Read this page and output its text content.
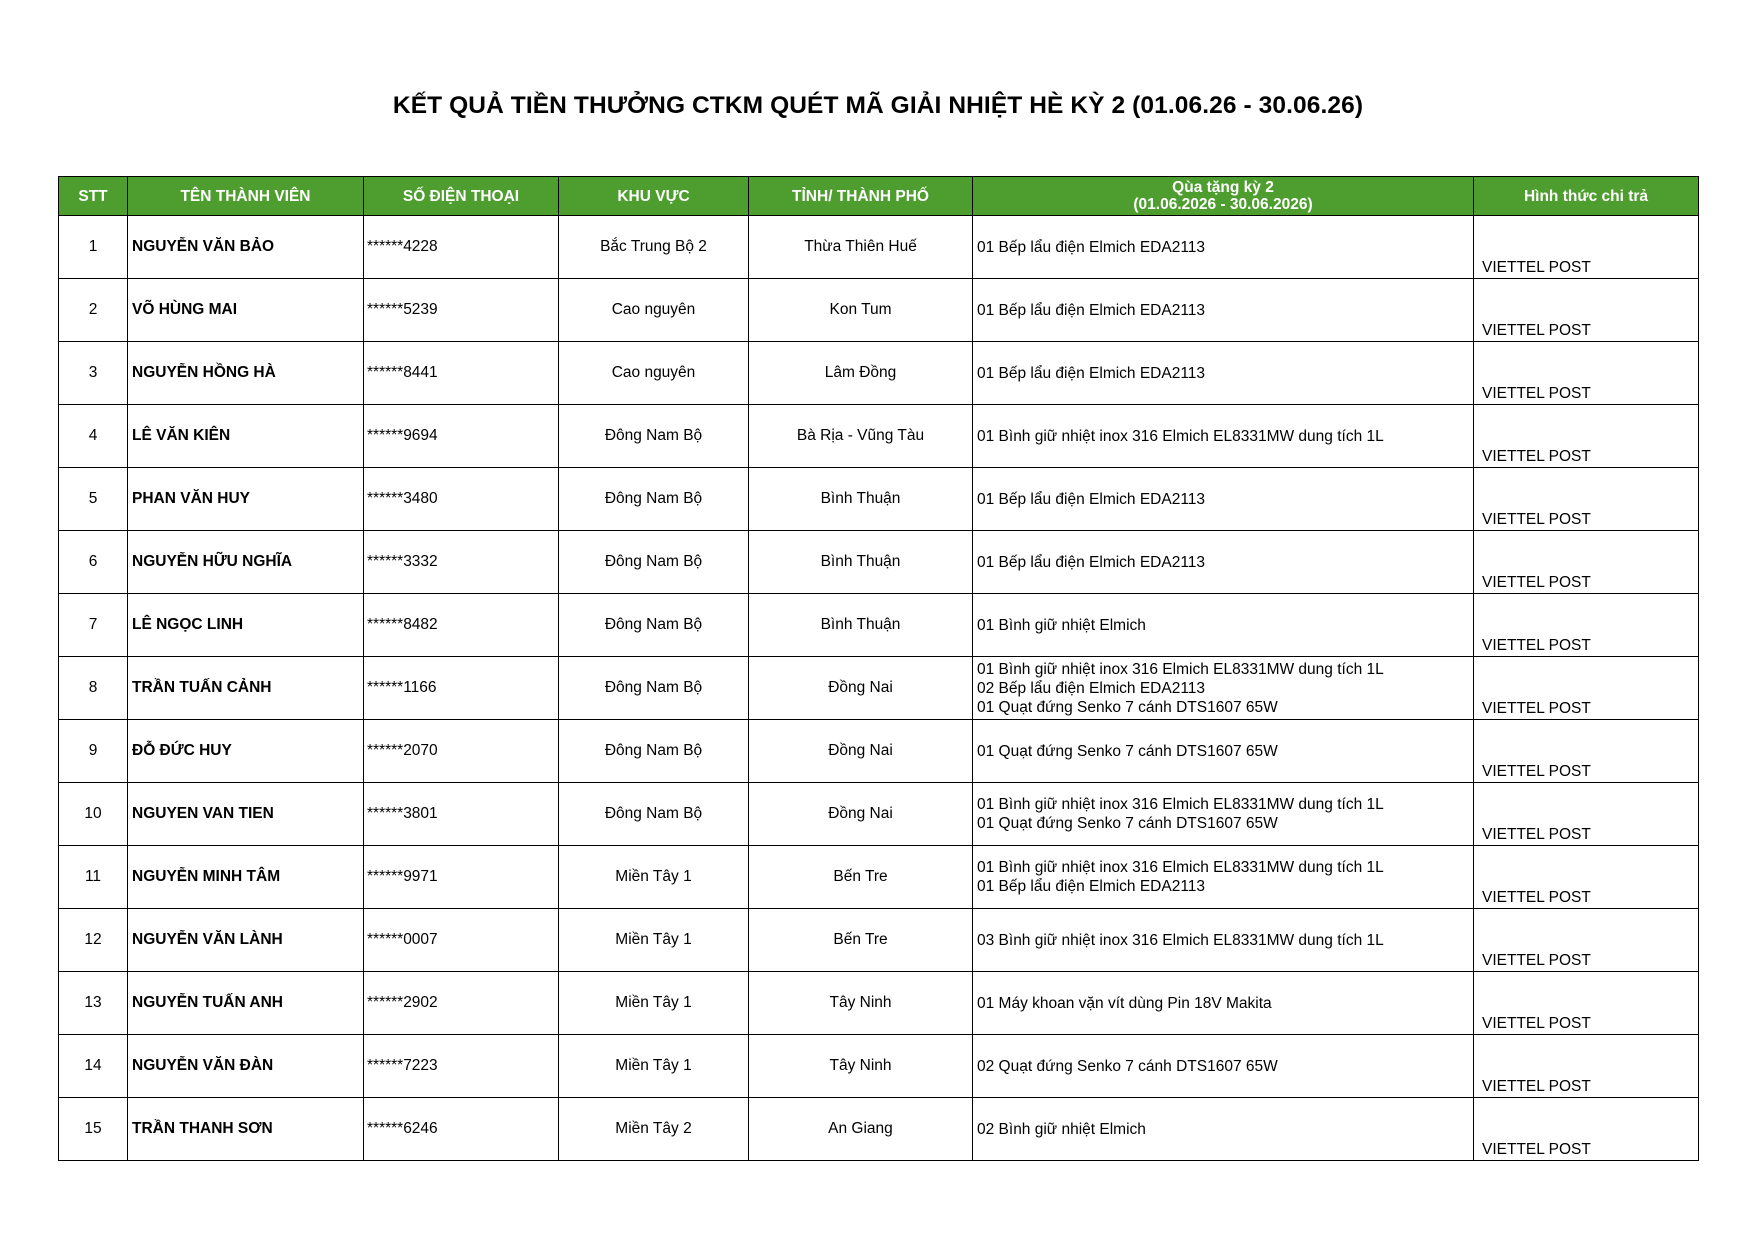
KẾT QUẢ TIỀN THƯỞNG CTKM QUÉT MÃ GIẢI NHIỆT HÈ KỲ 2 (01.06.26 - 30.06.26)
STT	TÊN THÀNH VIÊN	SỐ ĐIỆN THOẠI	KHU VỰC	TỈNH/ THÀNH PHỐ	Qùa tặng kỳ 2
(01.06.2026 - 30.06.2026)	Hình thức chi trả
1	NGUYỄN VĂN BẢO	******4228	Bắc Trung Bộ 2	Thừa Thiên Huế	01 Bếp lẩu điện Elmich EDA2113	VIETTEL POST
2	VÕ HÙNG MAI	******5239	Cao nguyên	Kon Tum	01 Bếp lẩu điện Elmich EDA2113	VIETTEL POST
3	NGUYỄN HỒNG HÀ	******8441	Cao nguyên	Lâm Đồng	01 Bếp lẩu điện Elmich EDA2113	VIETTEL POST
4	LÊ VĂN KIÊN	******9694	Đông Nam Bộ	Bà Rịa - Vũng Tàu	01 Bình giữ nhiệt inox 316 Elmich EL8331MW dung tích 1L	VIETTEL POST
5	PHAN VĂN HUY	******3480	Đông Nam Bộ	Bình Thuận	01 Bếp lẩu điện Elmich EDA2113	VIETTEL POST
6	NGUYỄN HỮU NGHĨA	******3332	Đông Nam Bộ	Bình Thuận	01 Bếp lẩu điện Elmich EDA2113	VIETTEL POST
7	LÊ NGỌC LINH	******8482	Đông Nam Bộ	Bình Thuận	01 Bình giữ nhiệt Elmich	VIETTEL POST
8	TRẦN TUẤN CẢNH	******1166	Đông Nam Bộ	Đồng Nai	01 Bình giữ nhiệt inox 316 Elmich EL8331MW dung tích 1L
02 Bếp lẩu điện Elmich EDA2113
01 Quạt đứng Senko 7 cánh DTS1607 65W	VIETTEL POST
9	ĐỖ ĐỨC HUY	******2070	Đông Nam Bộ	Đồng Nai	01 Quạt đứng Senko 7 cánh DTS1607 65W	VIETTEL POST
10	NGUYEN VAN TIEN	******3801	Đông Nam Bộ	Đồng Nai	01 Bình giữ nhiệt inox 316 Elmich EL8331MW dung tích 1L
01 Quạt đứng Senko 7 cánh DTS1607 65W	VIETTEL POST
11	NGUYỄN MINH TÂM	******9971	Miền Tây 1	Bến Tre	01 Bình giữ nhiệt inox 316 Elmich EL8331MW dung tích 1L
01 Bếp lẩu điện Elmich EDA2113	VIETTEL POST
12	NGUYỄN VĂN LÀNH	******0007	Miền Tây 1	Bến Tre	03 Bình giữ nhiệt inox 316 Elmich EL8331MW dung tích 1L	VIETTEL POST
13	NGUYỄN TUẤN ANH	******2902	Miền Tây 1	Tây Ninh	01 Máy khoan vặn vít dùng Pin 18V Makita	VIETTEL POST
14	NGUYỄN VĂN ĐÀN	******7223	Miền Tây 1	Tây Ninh	02 Quạt đứng Senko 7 cánh DTS1607 65W	VIETTEL POST
15	TRẦN THANH SƠN	******6246	Miền Tây 2	An Giang	02 Bình giữ nhiệt Elmich	VIETTEL POST
